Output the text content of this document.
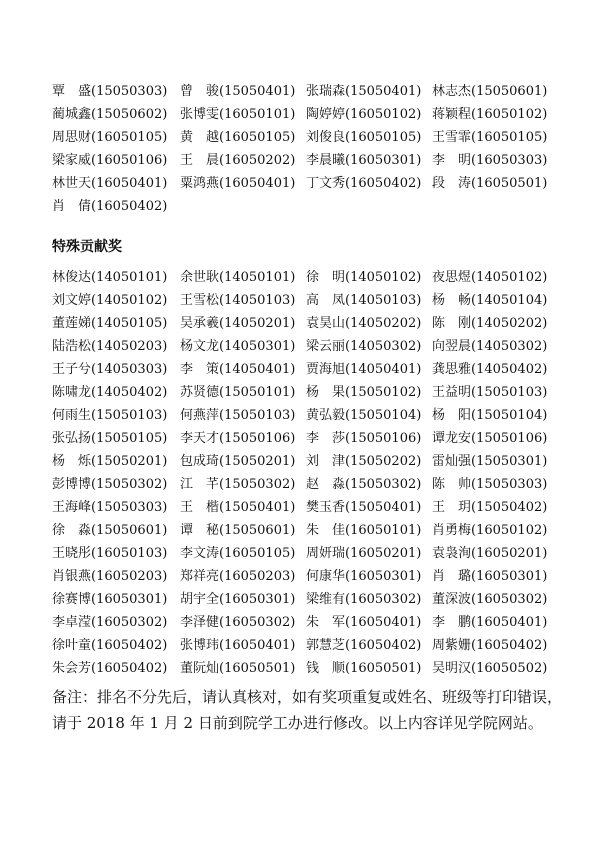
覃　盛(15050303) 曾　骏(15050401) 张瑞森(15050401) 林志杰(15050601)
蔺城鑫(15050602) 张博雯(16050101) 陶婷婷(16050102) 蒋颖程(16050102)
周思财(16050105) 黄　越(16050105) 刘俊良(16050105) 王雪霏(16050105)
梁家威(16050106) 王　晨(16050202) 李晨曦(16050301) 李　明(16050303)
林世天(16050401) 粟鸿燕(16050401) 丁文秀(16050402) 段　涛(16050501)
肖　倩(16050402)
特殊贡献奖
林俊达(14050101) 余世耿(14050101) 徐　明(14050102) 夜思煜(14050102)
刘文婷(14050102) 王雪松(14050103) 高　凤(14050103) 杨　畅(14050104)
董莲娣(14050105) 吴承羲(14050201) 袁昊山(14050202) 陈　刚(14050202)
陆浩松(14050203) 杨文龙(14050301) 梁云丽(14050302) 向翌晨(14050302)
王子兮(14050303) 李　策(14050401) 贾海旭(14050401) 龚思雅(14050402)
陈啸龙(14050402) 苏贤德(15050101) 杨　果(15050102) 王益明(15050103)
何雨生(15050103) 何燕萍(15050103) 黄弘毅(15050104) 杨　阳(15050104)
张弘扬(15050105) 李天才(15050106) 李　莎(15050106) 谭龙安(15050106)
杨　烁(15050201) 包成琦(15050201) 刘　津(15050202) 雷灿强(15050301)
彭博博(15050302) 江　芊(15050302) 赵　淼(15050302) 陈　帅(15050303)
王海峰(15050303) 王　楷(15050401) 樊玉香(15050401) 王　玥(15050402)
徐　淼(15050601) 谭　秘(15050601) 朱　佳(16050101) 肖勇梅(16050102)
王晓彤(16050103) 李文涛(16050105) 周妍瑞(16050201) 袁袅洵(16050201)
肖银燕(16050203) 郑祥亮(16050203) 何康华(16050301) 肖　璐(16050301)
徐赛博(16050301) 胡宇全(16050301) 梁维有(16050302) 董深波(16050302)
李卓滢(16050302) 李泽健(16050302) 朱　军(16050401) 李　鹏(16050401)
徐叶童(16050402) 张博玮(16050401) 郭慧芝(16050402) 周紫姗(16050402)
朱会芳(16050402) 董阮灿(16050501) 钱　顺(16050501) 吴明汉(16050502)
备注：排名不分先后，请认真核对，如有奖项重复或姓名、班级等打印错误，请于 2018 年 1 月 2 日前到院学工办进行修改。以上内容详见学院网站。
